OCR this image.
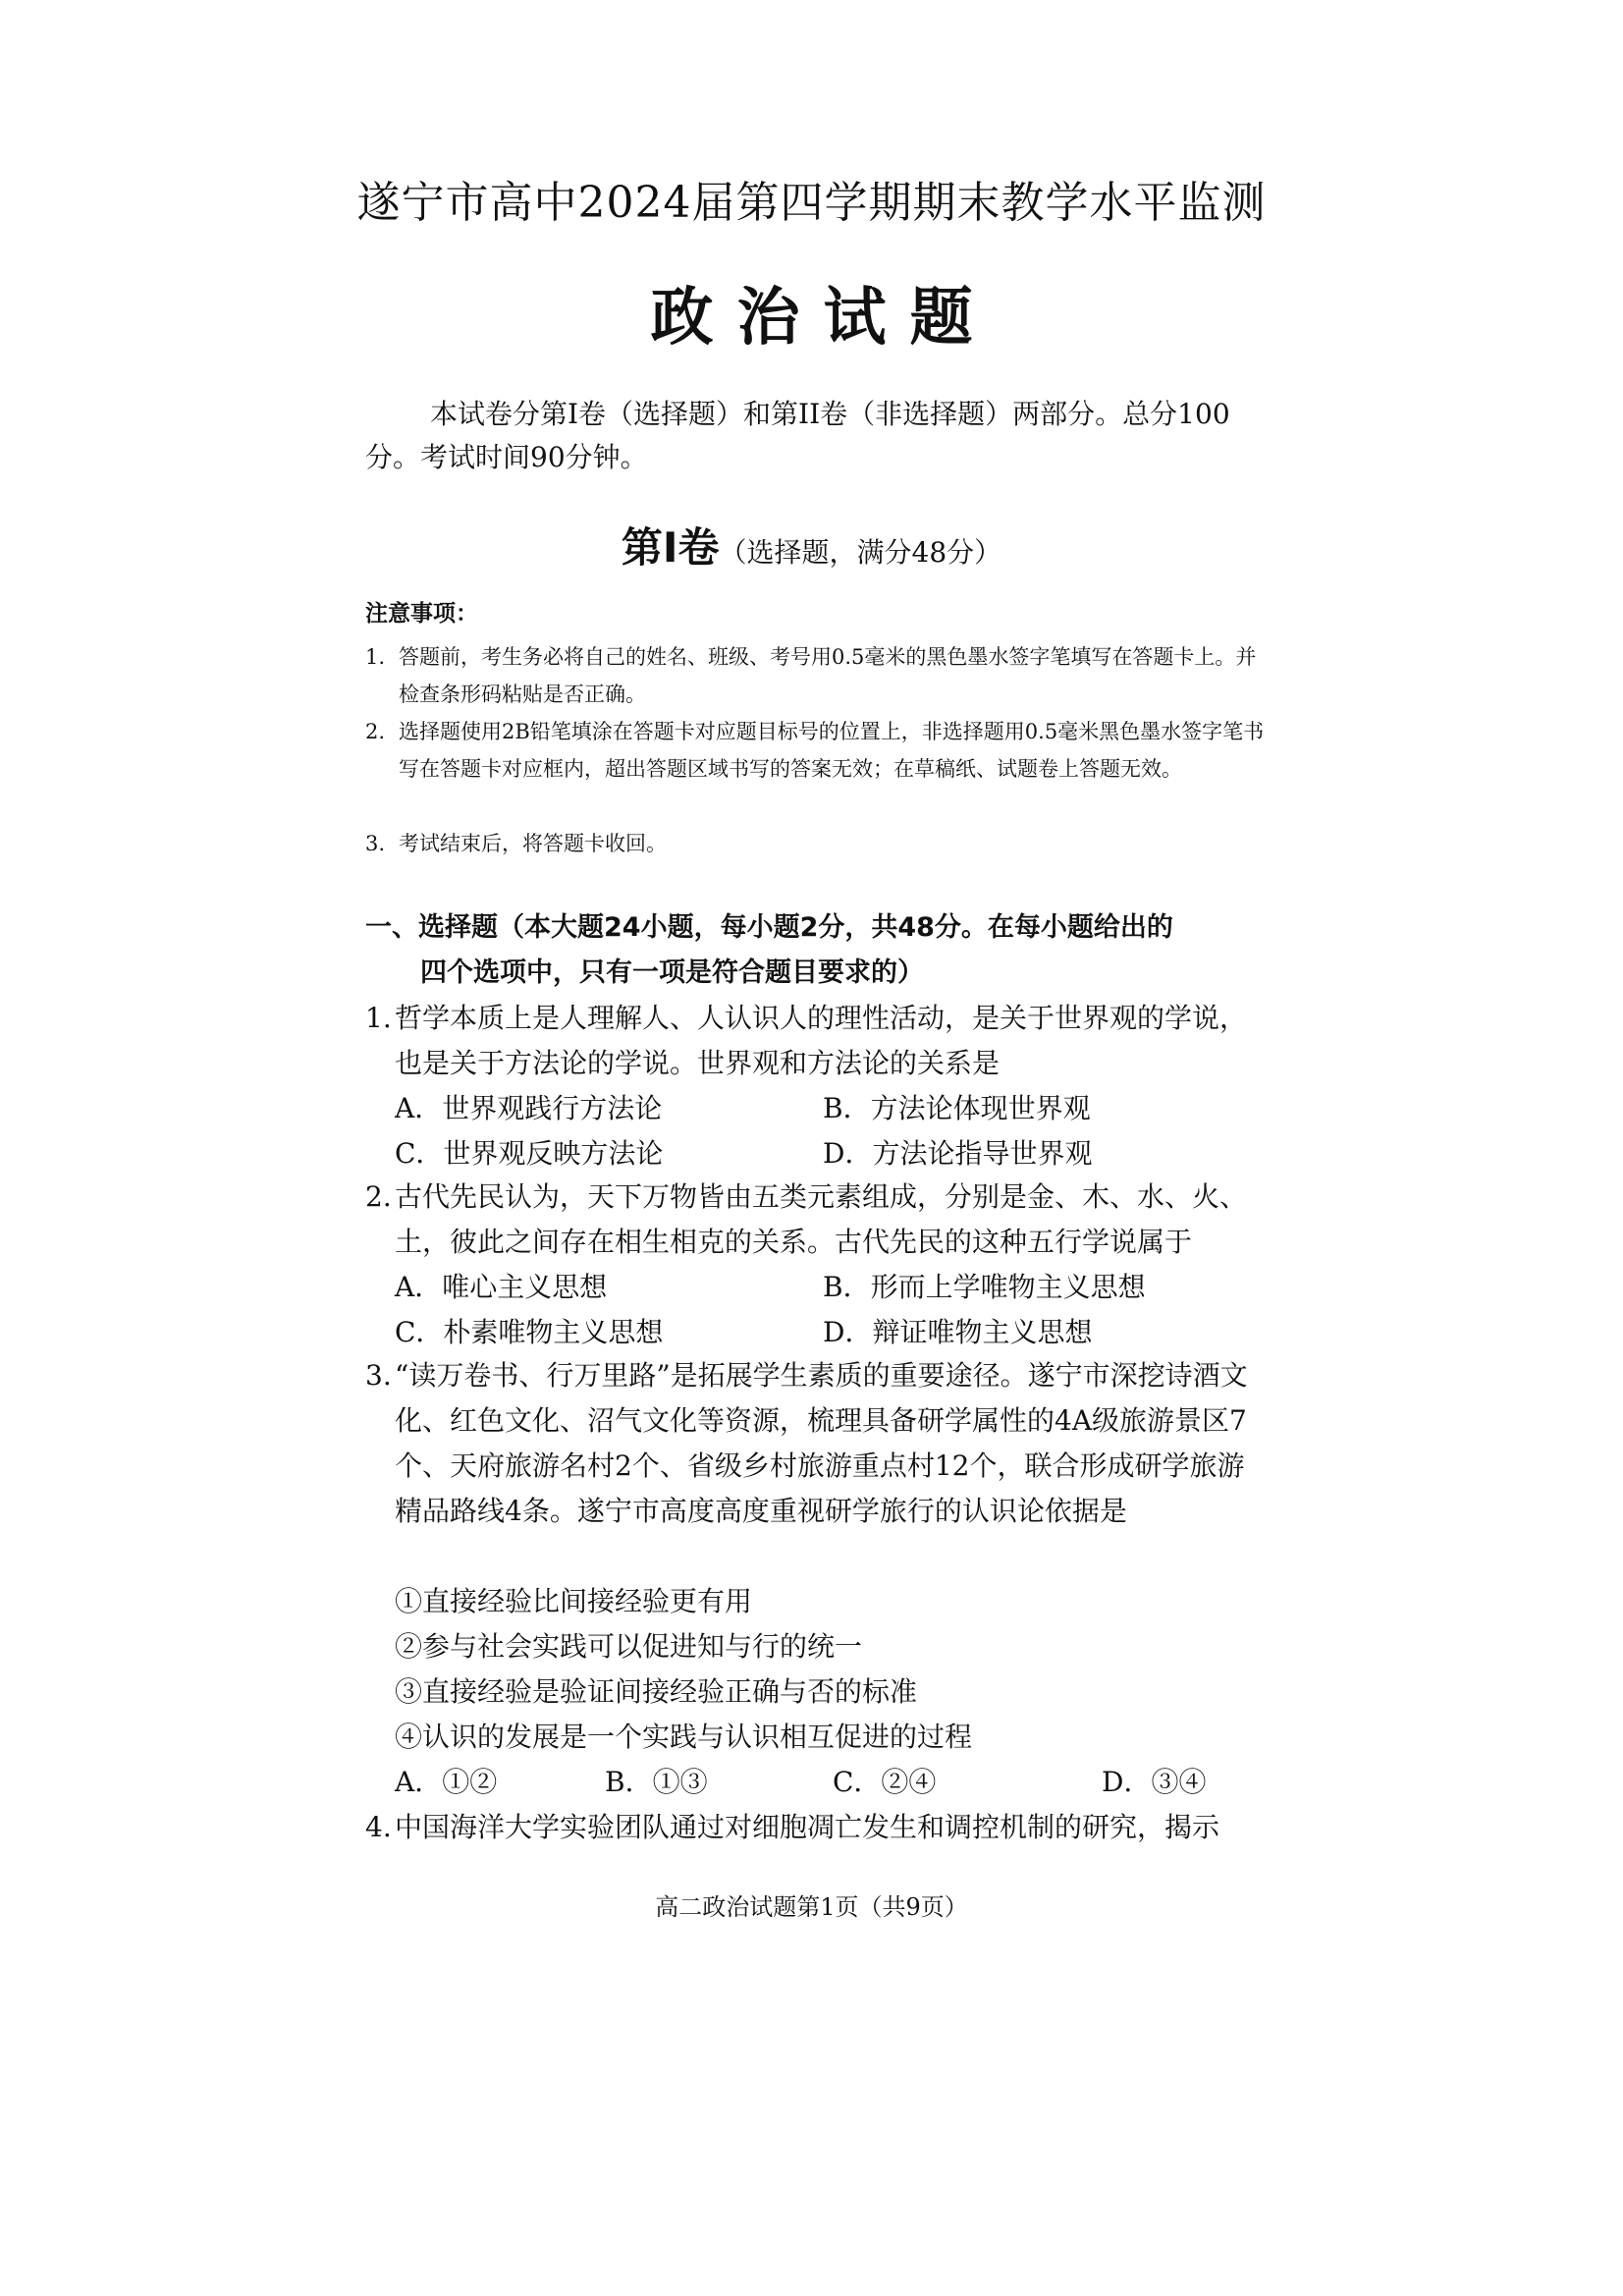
遂宁市高中2024届第四学期期末教学水平监测
政治试题
本试卷分第Ⅰ卷（选择题）和第II卷（非选择题）两部分。总分100分。考试时间90分钟。
第Ⅰ卷（选择题，满分48分）
注意事项：
1. 答题前，考生务必将自己的姓名、班级、考号用0.5毫米的黑色墨水签字笔填写在答题卡上。并检查条形码粘贴是否正确。
2. 选择题使用2B铅笔填涂在答题卡对应题目标号的位置上，非选择题用0.5毫米黑色墨水签字笔书写在答题卡对应框内，超出答题区域书写的答案无效；在草稿纸、试题卷上答题无效。
3. 考试结束后，将答题卡收回。
一、选择题（本大题24小题，每小题2分，共48分。在每小题给出的
四个选项中，只有一项是符合题目要求的）
1. 哲学本质上是人理解人、人认识人的理性活动，是关于世界观的学说，也是关于方法论的学说。世界观和方法论的关系是
A．世界观践行方法论	B．方法论体现世界观
C．世界观反映方法论	D．方法论指导世界观
2. 古代先民认为，天下万物皆由五类元素组成，分别是金、木、水、火、土，彼此之间存在相生相克的关系。古代先民的这种五行学说属于
A．唯心主义思想	B．形而上学唯物主义思想
C．朴素唯物主义思想	D．辩证唯物主义思想
3. “读万卷书、行万里路”是拓展学生素质的重要途径。遂宁市深挖诗酒文化、红色文化、沼气文化等资源，梳理具备研学属性的4A级旅游景区7个、天府旅游名村2个、省级乡村旅游重点村12个，联合形成研学旅游精品路线4条。遂宁市高度高度重视研学旅行的认识论依据是
①直接经验比间接经验更有用
②参与社会实践可以促进知与行的统一
③直接经验是验证间接经验正确与否的标准
④认识的发展是一个实践与认识相互促进的过程
A．①②	B．①③	C．②④	D．③④
4. 中国海洋大学实验团队通过对细胞凋亡发生和调控机制的研究，揭示
高二政治试题第1页（共9页）
